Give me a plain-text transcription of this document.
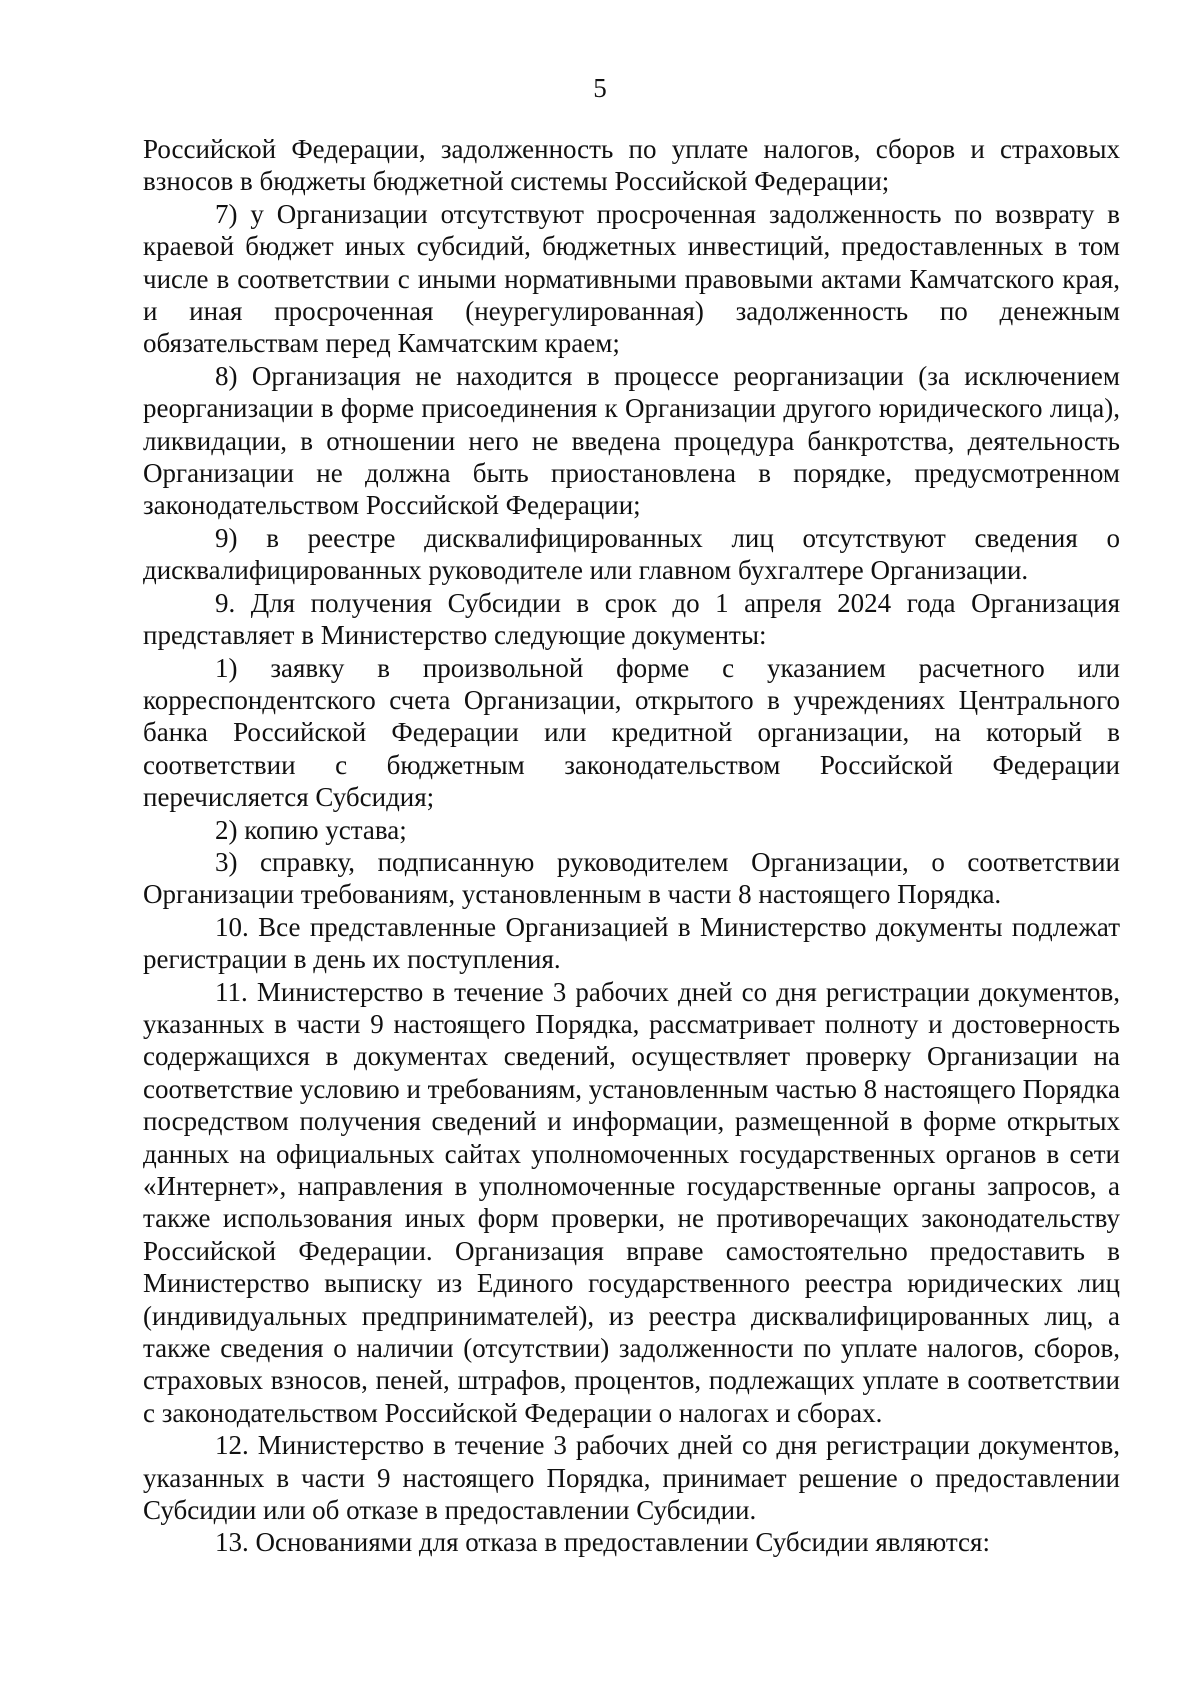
5

Российской Федерации, задолженность по уплате налогов, сборов и страховых взносов в бюджеты бюджетной системы Российской Федерации;

7) у Организации отсутствуют просроченная задолженность по возврату в краевой бюджет иных субсидий, бюджетных инвестиций, предоставленных в том числе в соответствии с иными нормативными правовыми актами Камчатского края, и иная просроченная (неурегулированная) задолженность по денежным обязательствам перед Камчатским краем;

8) Организация не находится в процессе реорганизации (за исключением реорганизации в форме присоединения к Организации другого юридического лица), ликвидации, в отношении него не введена процедура банкротства, деятельность Организации не должна быть приостановлена в порядке, предусмотренном законодательством Российской Федерации;

9) в реестре дисквалифицированных лиц отсутствуют сведения о дисквалифицированных руководителе или главном бухгалтере Организации.

9. Для получения Субсидии в срок до 1 апреля 2024 года Организация представляет в Министерство следующие документы:

1) заявку в произвольной форме с указанием расчетного или корреспондентского счета Организации, открытого в учреждениях Центрального банка Российской Федерации или кредитной организации, на который в соответствии с бюджетным законодательством Российской Федерации перечисляется Субсидия;

2) копию устава;

3) справку, подписанную руководителем Организации, о соответствии Организации требованиям, установленным в части 8 настоящего Порядка.

10. Все представленные Организацией в Министерство документы подлежат регистрации в день их поступления.

11. Министерство в течение 3 рабочих дней со дня регистрации документов, указанных в части 9 настоящего Порядка, рассматривает полноту и достоверность содержащихся в документах сведений, осуществляет проверку Организации на соответствие условию и требованиям, установленным частью 8 настоящего Порядка посредством получения сведений и информации, размещенной в форме открытых данных на официальных сайтах уполномоченных государственных органов в сети «Интернет», направления в уполномоченные государственные органы запросов, а также использования иных форм проверки, не противоречащих законодательству Российской Федерации. Организация вправе самостоятельно предоставить в Министерство выписку из Единого государственного реестра юридических лиц (индивидуальных предпринимателей), из реестра дисквалифицированных лиц, а также сведения о наличии (отсутствии) задолженности по уплате налогов, сборов, страховых взносов, пеней, штрафов, процентов, подлежащих уплате в соответствии с законодательством Российской Федерации о налогах и сборах.

12. Министерство в течение 3 рабочих дней со дня регистрации документов, указанных в части 9 настоящего Порядка, принимает решение о предоставлении Субсидии или об отказе в предоставлении Субсидии.

13. Основаниями для отказа в предоставлении Субсидии являются:
